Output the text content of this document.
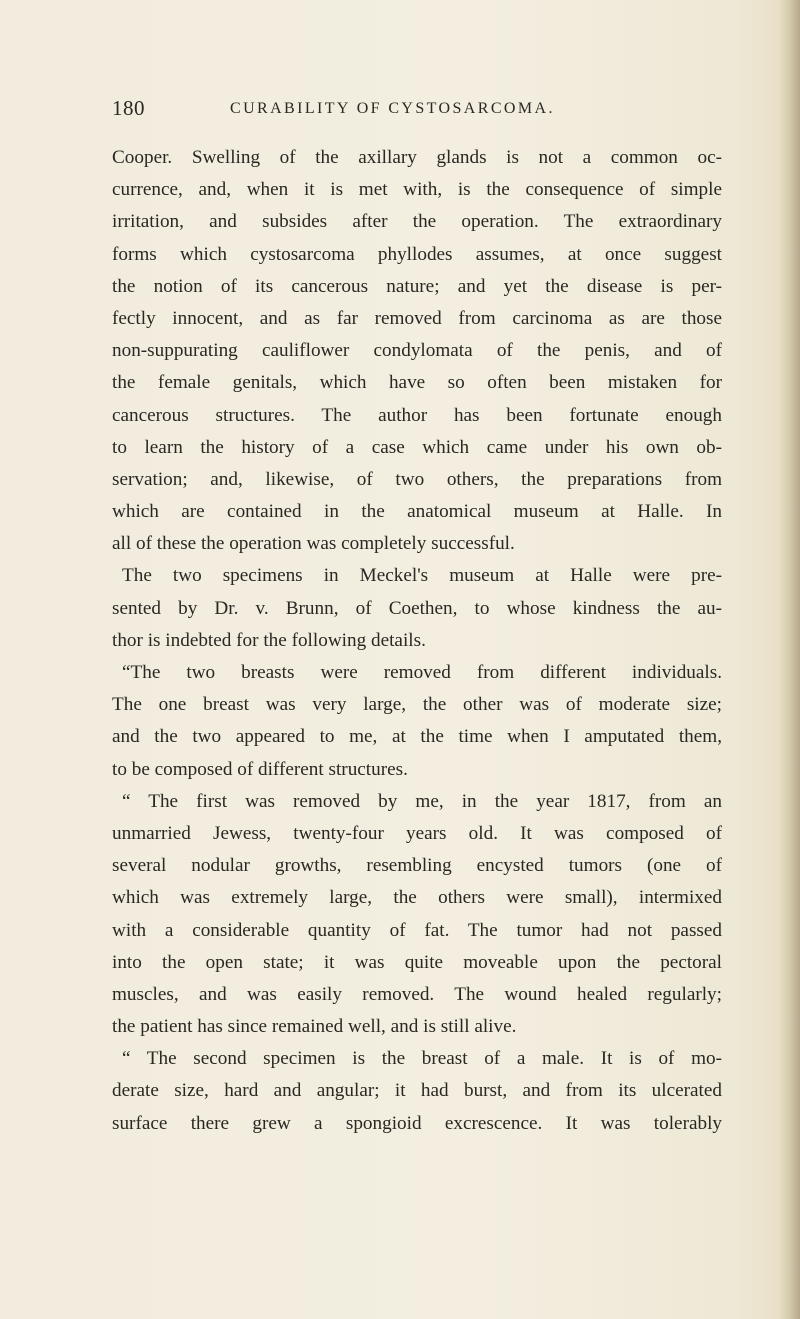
180	CURABILITY OF CYSTOSARCOMA.
Cooper. Swelling of the axillary glands is not a common oc-
currence, and, when it is met with, is the consequence of simple
irritation, and subsides after the operation. The extraordinary
forms which cystosarcoma phyllodes assumes, at once suggest
the notion of its cancerous nature; and yet the disease is per-
fectly innocent, and as far removed from carcinoma as are those
non-suppurating cauliflower condylomata of the penis, and of
the female genitals, which have so often been mistaken for
cancerous structures. The author has been fortunate enough
to learn the history of a case which came under his own ob-
servation; and, likewise, of two others, the preparations from
which are contained in the anatomical museum at Halle. In
all of these the operation was completely successful.
The two specimens in Meckel's museum at Halle were pre-
sented by Dr. v. Brunn, of Coethen, to whose kindness the au-
thor is indebted for the following details.
“The two breasts were removed from different individuals.
The one breast was very large, the other was of moderate size;
and the two appeared to me, at the time when I amputated them,
to be composed of different structures.
“ The first was removed by me, in the year 1817, from an
unmarried Jewess, twenty-four years old. It was composed of
several nodular growths, resembling encysted tumors (one of
which was extremely large, the others were small), intermixed
with a considerable quantity of fat. The tumor had not passed
into the open state; it was quite moveable upon the pectoral
muscles, and was easily removed. The wound healed regularly;
the patient has since remained well, and is still alive.
“ The second specimen is the breast of a male. It is of mo-
derate size, hard and angular; it had burst, and from its ulcerated
surface there grew a spongioid excrescence. It was tolerably
